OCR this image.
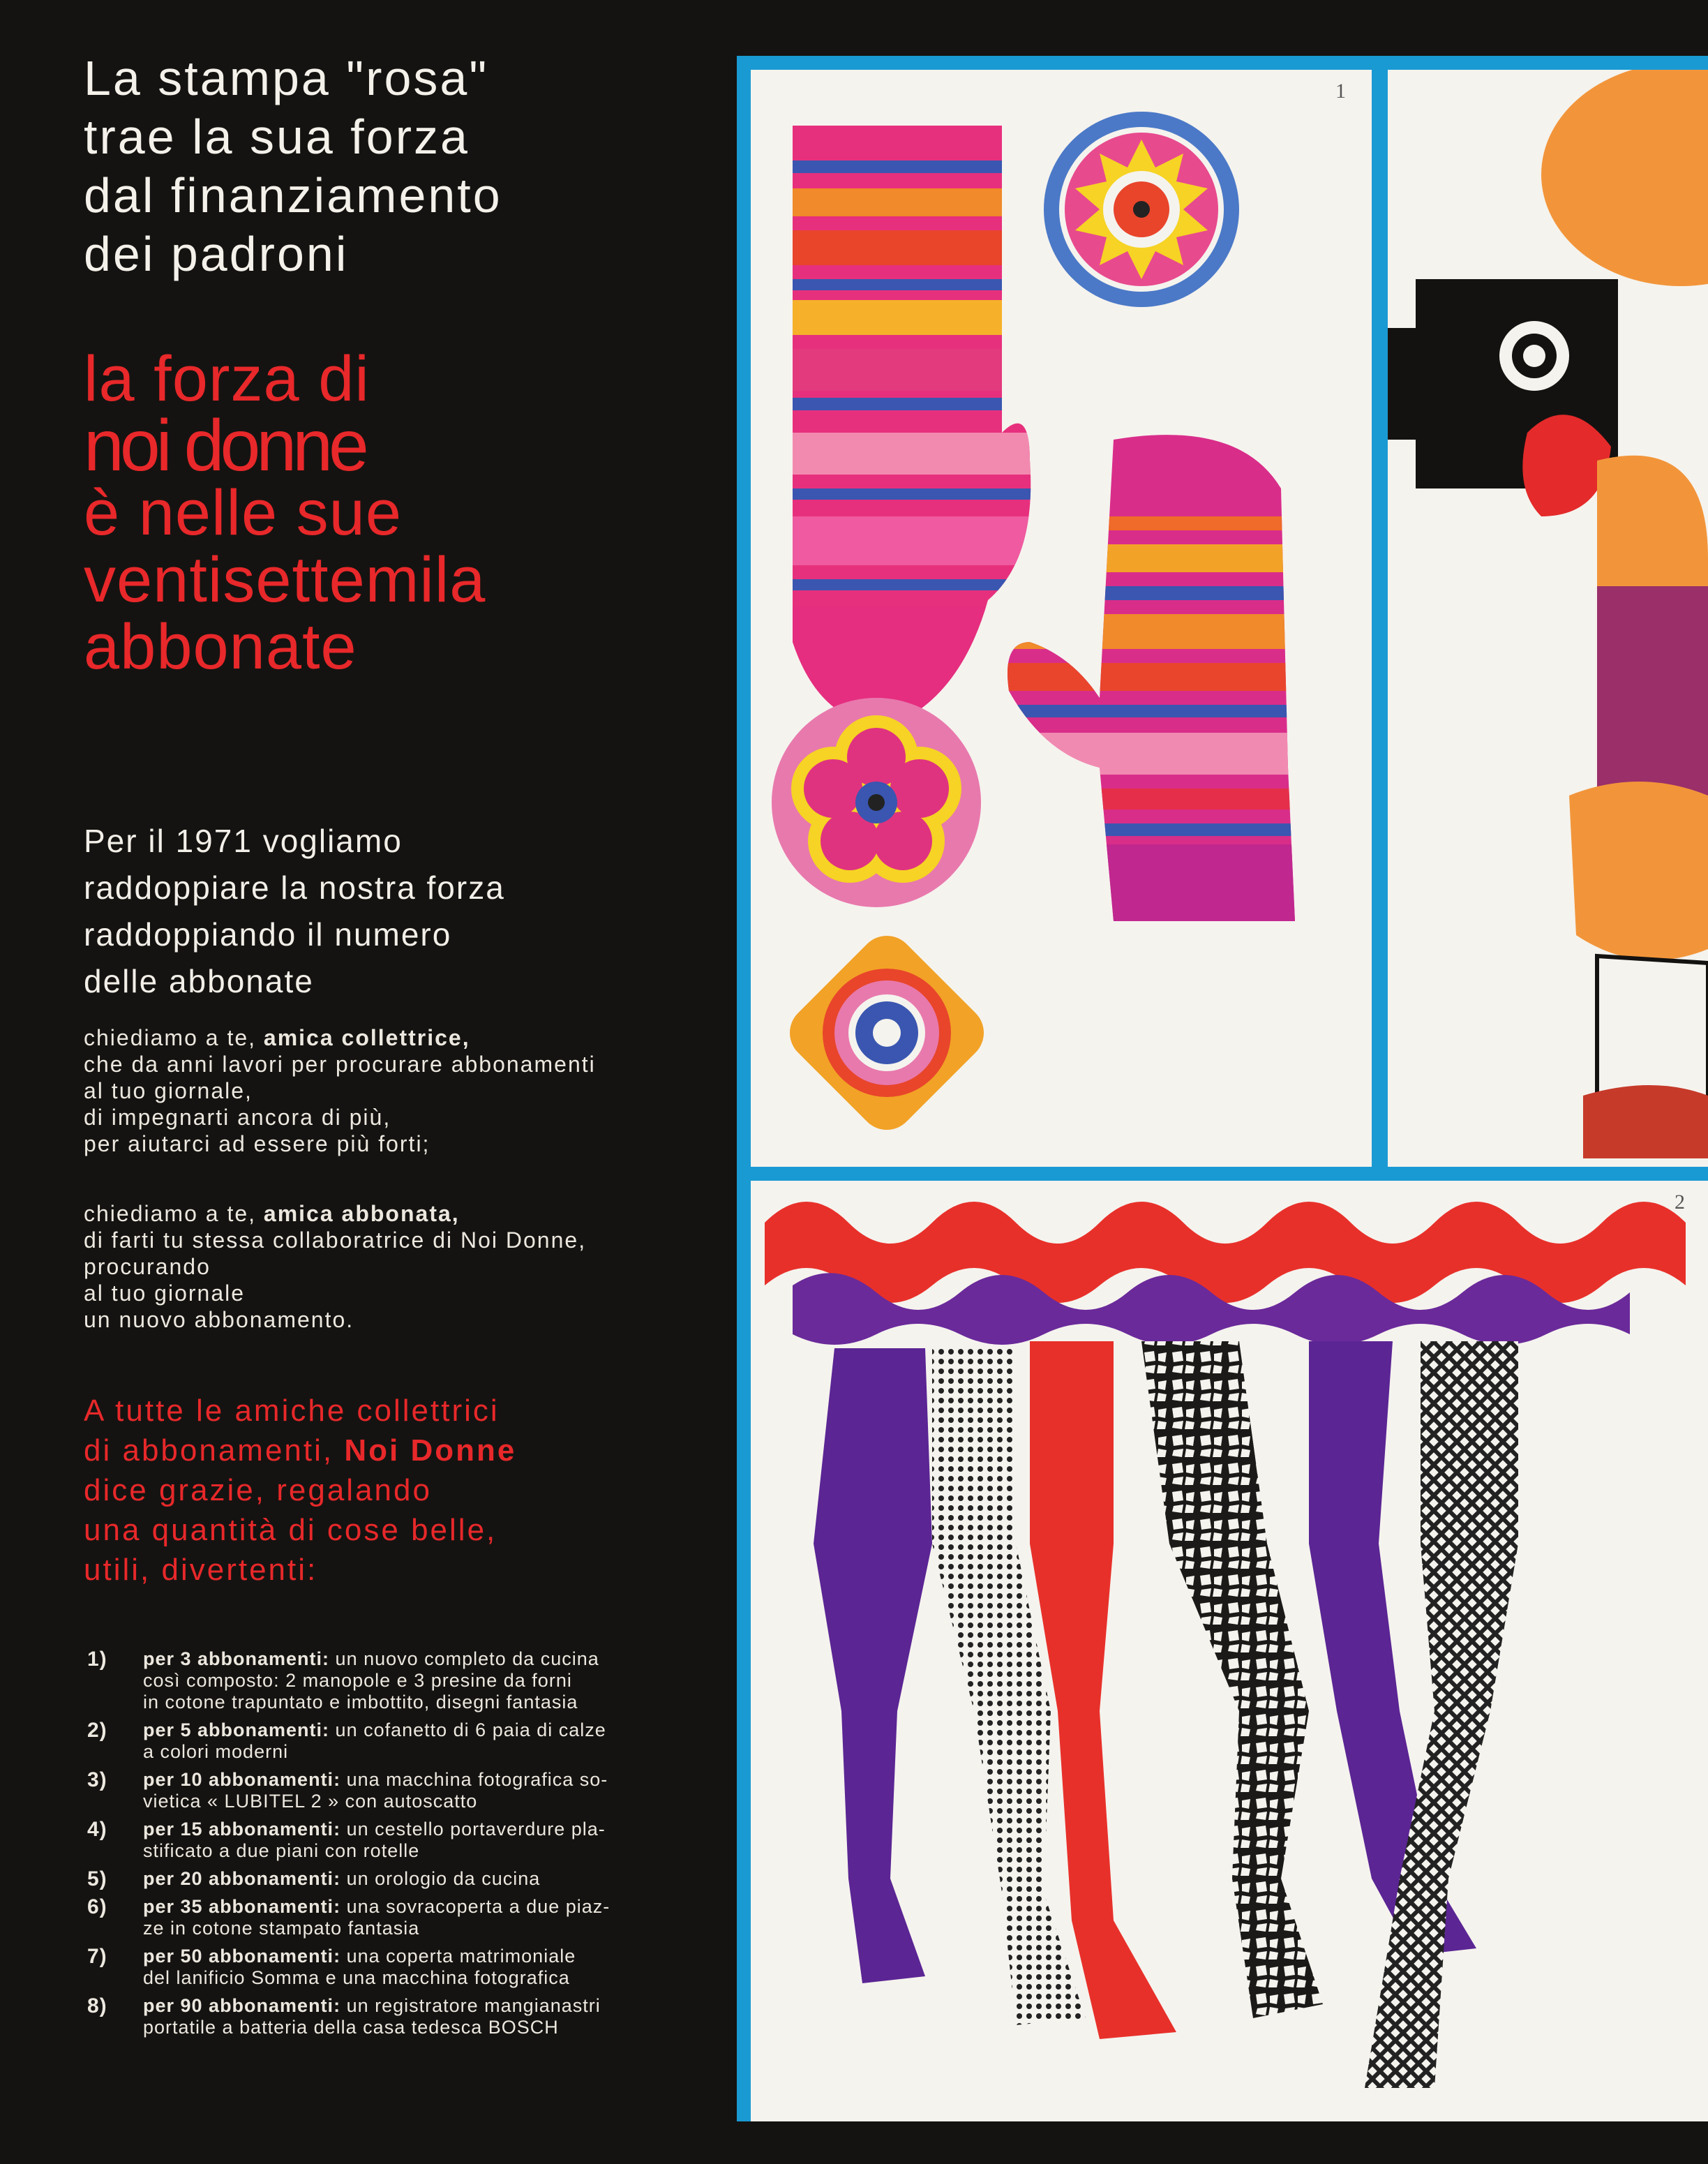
La stampa "rosa"
trae la sua forza
dal finanziamento
dei padroni
la forza di
noi donne
è nelle sue
ventisettemila
abbonate
Per il 1971 vogliamo
raddoppiare la nostra forza
raddoppiando il numero
delle abbonate
chiediamo a te, amica collettrice,
che da anni lavori per procurare abbonamenti
al tuo giornale,
di impegnarti ancora di più,
per aiutarci ad essere più forti;
chiediamo a te, amica abbonata,
di farti tu stessa collaboratrice di Noi Donne,
procurando
al tuo giornale
un nuovo abbonamento.
A tutte le amiche collettrici
di abbonamenti, Noi Donne
dice grazie, regalando
una quantità di cose belle,
utili, divertenti:
1) per 3 abbonamenti: un nuovo completo da cucina
così composto: 2 manopole e 3 presine da forni
in cotone trapuntato e imbottito, disegni fantasia
2) per 5 abbonamenti: un cofanetto di 6 paia di calze
a colori moderni
3) per 10 abbonamenti: una macchina fotografica so-
vietica « LUBITEL 2 » con autoscatto
4) per 15 abbonamenti: un cestello portaverdure pla-
stificato a due piani con rotelle
5) per 20 abbonamenti: un orologio da cucina
6) per 35 abbonamenti: una sovracoperta a due piaz-
ze in cotone stampato fantasia
7) per 50 abbonamenti: una coperta matrimoniale
del lanificio Somma e una macchina fotografica
8) per 90 abbonamenti: un registratore mangianastri
portatile a batteria della casa tedesca BOSCH
1
2
